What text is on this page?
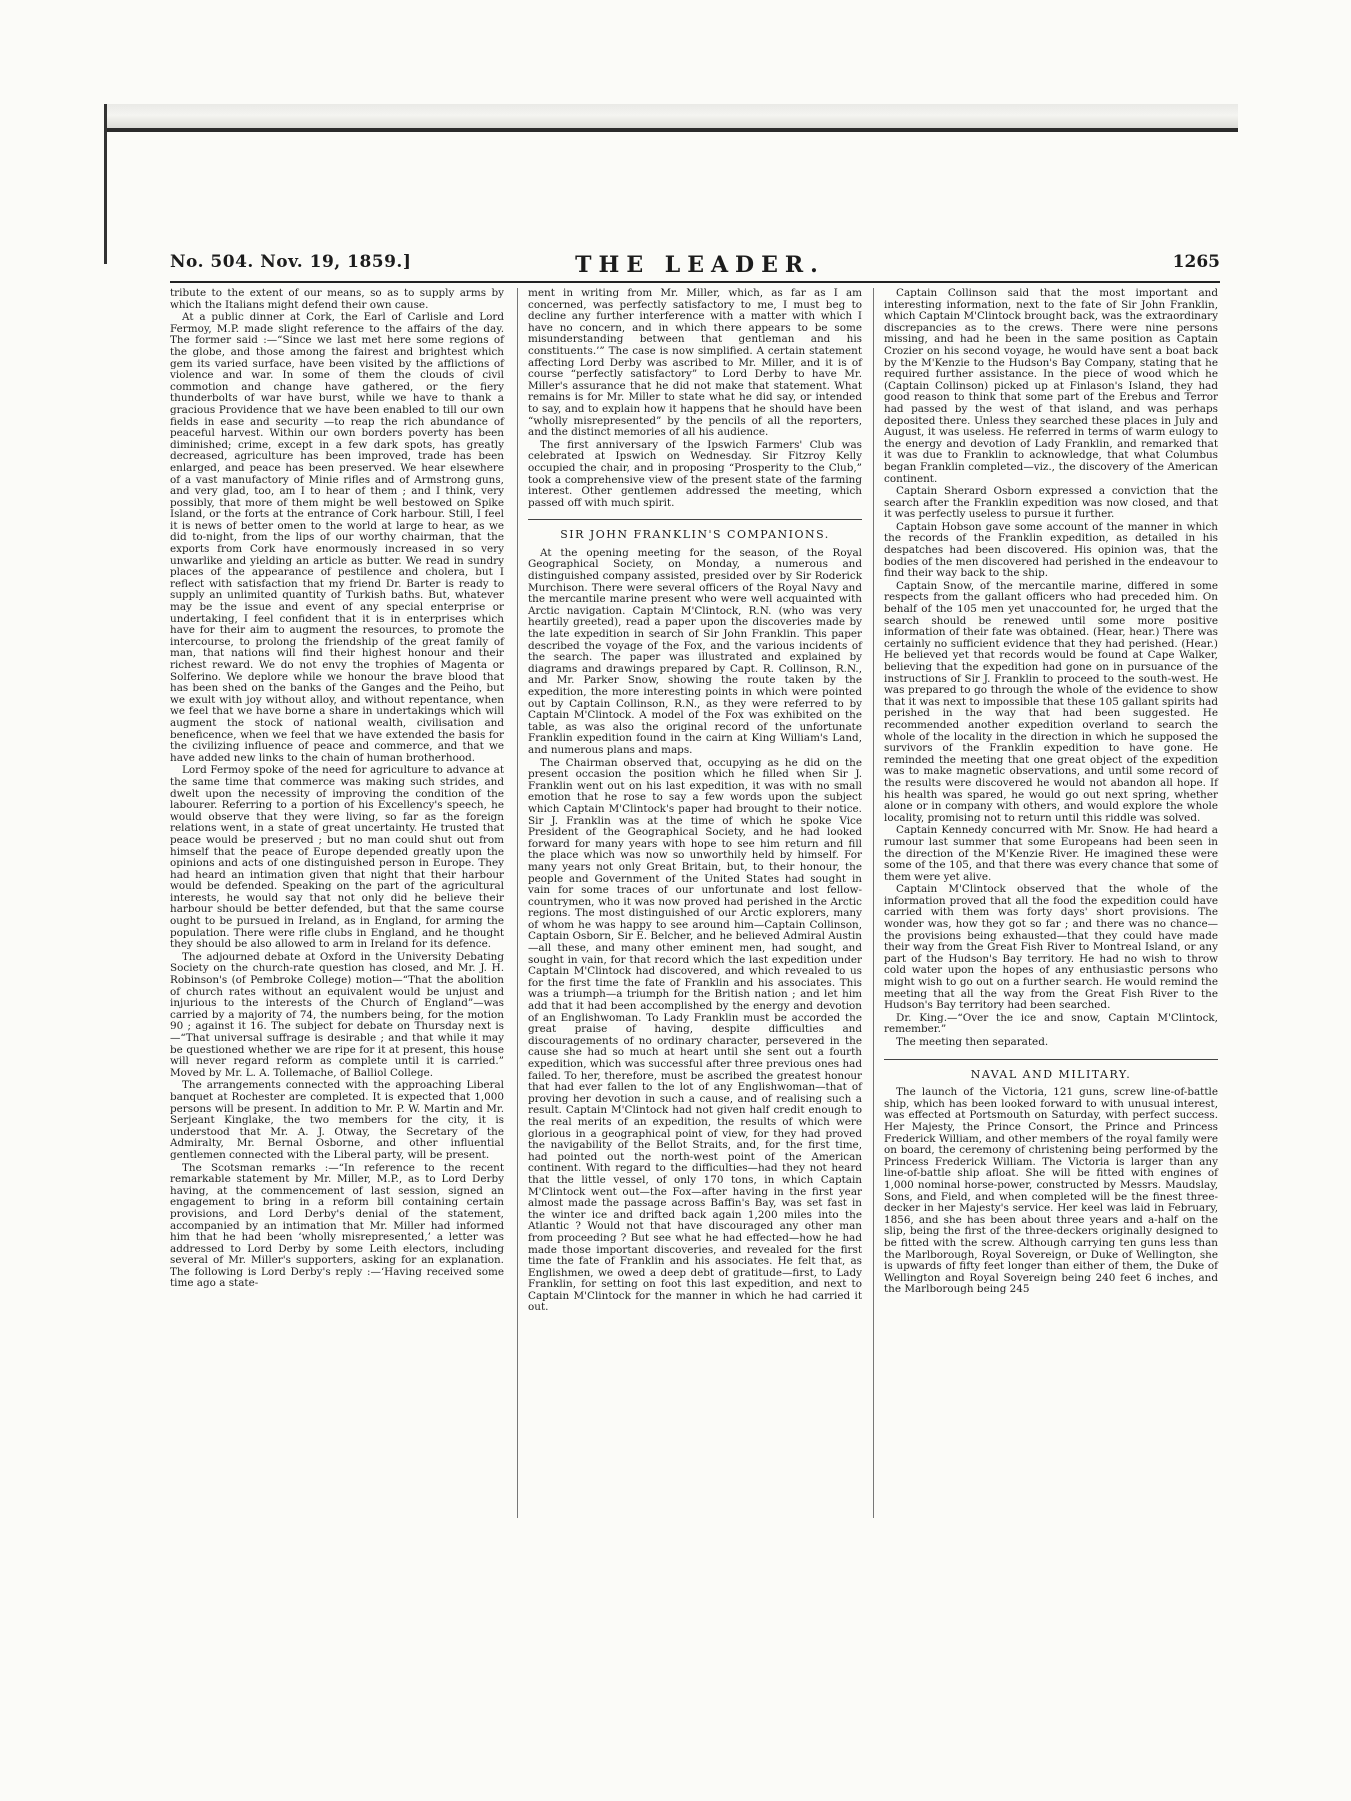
No. 504. Nov. 19, 1859.]	THE LEADER.	1265

tribute to the extent of our means, so as to supply arms by which the Italians might defend their own cause.

At a public dinner at Cork, the Earl of Carlisle and Lord Fermoy, M.P. made slight reference to the affairs of the day. The former said :—“Since we last met here some regions of the globe, and those among the fairest and brightest which gem its varied surface, have been visited by the afflictions of violence and war. In some of them the clouds of civil commotion and change have gathered, or the fiery thunderbolts of war have burst, while we have to thank a gracious Providence that we have been enabled to till our own fields in ease and security —to reap the rich abundance of peaceful harvest. Within our own borders poverty has been diminished; crime, except in a few dark spots, has greatly decreased, agriculture has been improved, trade has been enlarged, and peace has been preserved. We hear elsewhere of a vast manufactory of Minie rifles and of Armstrong guns, and very glad, too, am I to hear of them ; and I think, very possibly, that more of them might be well bestowed on Spike Island, or the forts at the entrance of Cork harbour. Still, I feel it is news of better omen to the world at large to hear, as we did to-night, from the lips of our worthy chairman, that the exports from Cork have enormously increased in so very unwarlike and yielding an article as butter. We read in sundry places of the appearance of pestilence and cholera, but I reflect with satisfaction that my friend Dr. Barter is ready to supply an unlimited quantity of Turkish baths. But, whatever may be the issue and event of any special enterprise or undertaking, I feel confident that it is in enterprises which have for their aim to augment the resources, to promote the intercourse, to prolong the friendship of the great family of man, that nations will find their highest honour and their richest reward. We do not envy the trophies of Magenta or Solferino. We deplore while we honour the brave blood that has been shed on the banks of the Ganges and the Peiho, but we exult with joy without alloy, and without repentance, when we feel that we have borne a share in undertakings which will augment the stock of national wealth, civilisation and beneficence, when we feel that we have extended the basis for the civilizing influence of peace and commerce, and that we have added new links to the chain of human brotherhood.

Lord Fermoy spoke of the need for agriculture to advance at the same time that commerce was making such strides, and dwelt upon the necessity of improving the condition of the labourer. Referring to a portion of his Excellency's speech, he would observe that they were living, so far as the foreign relations went, in a state of great uncertainty. He trusted that peace would be preserved ; but no man could shut out from himself that the peace of Europe depended greatly upon the opinions and acts of one distinguished person in Europe. They had heard an intimation given that night that their harbour would be defended. Speaking on the part of the agricultural interests, he would say that not only did he believe their harbour should be better defended, but that the same course ought to be pursued in Ireland, as in England, for arming the population. There were rifle clubs in England, and he thought they should be also allowed to arm in Ireland for its defence.

The adjourned debate at Oxford in the University Debating Society on the church-rate question has closed, and Mr. J. H. Robinson's (of Pembroke College) motion—“That the abolition of church rates without an equivalent would be unjust and injurious to the interests of the Church of England”—was carried by a majority of 74, the numbers being, for the motion 90 ; against it 16. The subject for debate on Thursday next is—“That universal suffrage is desirable ; and that while it may be questioned whether we are ripe for it at present, this house will never regard reform as complete until it is carried.” Moved by Mr. L. A. Tollemache, of Balliol College.

The arrangements connected with the approaching Liberal banquet at Rochester are completed. It is expected that 1,000 persons will be present. In addition to Mr. P. W. Martin and Mr. Serjeant Kinglake, the two members for the city, it is understood that Mr. A. J. Otway, the Secretary of the Admiralty, Mr. Bernal Osborne, and other influential gentlemen connected with the Liberal party, will be present.

The Scotsman remarks :—“In reference to the recent remarkable statement by Mr. Miller, M.P., as to Lord Derby having, at the commencement of last session, signed an engagement to bring in a reform bill containing certain provisions, and Lord Derby's denial of the statement, accompanied by an intimation that Mr. Miller had informed him that he had been ‘wholly misrepresented,’ a letter was addressed to Lord Derby by some Leith electors, including several of Mr. Miller's supporters, asking for an explanation. The following is Lord Derby's reply :—‘Having received some time ago a state-

ment in writing from Mr. Miller, which, as far as I am concerned, was perfectly satisfactory to me, I must beg to decline any further interference with a matter with which I have no concern, and in which there appears to be some misunderstanding between that gentleman and his constituents.’” The case is now simplified. A certain statement affecting Lord Derby was ascribed to Mr. Miller, and it is of course “perfectly satisfactory” to Lord Derby to have Mr. Miller's assurance that he did not make that statement. What remains is for Mr. Miller to state what he did say, or intended to say, and to explain how it happens that he should have been “wholly misrepresented” by the pencils of all the reporters, and the distinct memories of all his audience.

The first anniversary of the Ipswich Farmers' Club was celebrated at Ipswich on Wednesday. Sir Fitzroy Kelly occupied the chair, and in proposing “Prosperity to the Club,” took a comprehensive view of the present state of the farming interest. Other gentlemen addressed the meeting, which passed off with much spirit.

SIR JOHN FRANKLIN'S COMPANIONS.

At the opening meeting for the season, of the Royal Geographical Society, on Monday, a numerous and distinguished company assisted, presided over by Sir Roderick Murchison. There were several officers of the Royal Navy and the mercantile marine present who were well acquainted with Arctic navigation. Captain M'Clintock, R.N. (who was very heartily greeted), read a paper upon the discoveries made by the late expedition in search of Sir John Franklin. This paper described the voyage of the Fox, and the various incidents of the search. The paper was illustrated and explained by diagrams and drawings prepared by Capt. R. Collinson, R.N., and Mr. Parker Snow, showing the route taken by the expedition, the more interesting points in which were pointed out by Captain Collinson, R.N., as they were referred to by Captain M'Clintock. A model of the Fox was exhibited on the table, as was also the original record of the unfortunate Franklin expedition found in the cairn at King William's Land, and numerous plans and maps.

The Chairman observed that, occupying as he did on the present occasion the position which he filled when Sir J. Franklin went out on his last expedition, it was with no small emotion that he rose to say a few words upon the subject which Captain M'Clintock's paper had brought to their notice. Sir J. Franklin was at the time of which he spoke Vice President of the Geographical Society, and he had looked forward for many years with hope to see him return and fill the place which was now so unworthily held by himself. For many years not only Great Britain, but, to their honour, the people and Government of the United States had sought in vain for some traces of our unfortunate and lost fellow-countrymen, who it was now proved had perished in the Arctic regions. The most distinguished of our Arctic explorers, many of whom he was happy to see around him—Captain Collinson, Captain Osborn, Sir E. Belcher, and he believed Admiral Austin—all these, and many other eminent men, had sought, and sought in vain, for that record which the last expedition under Captain M'Clintock had discovered, and which revealed to us for the first time the fate of Franklin and his associates. This was a triumph—a triumph for the British nation ; and let him add that it had been accomplished by the energy and devotion of an Englishwoman. To Lady Franklin must be accorded the great praise of having, despite difficulties and discouragements of no ordinary character, persevered in the cause she had so much at heart until she sent out a fourth expedition, which was successful after three previous ones had failed. To her, therefore, must be ascribed the greatest honour that had ever fallen to the lot of any Englishwoman—that of proving her devotion in such a cause, and of realising such a result. Captain M'Clintock had not given half credit enough to the real merits of an expedition, the results of which were glorious in a geographical point of view, for they had proved the navigability of the Bellot Straits, and, for the first time, had pointed out the north-west point of the American continent. With regard to the difficulties—had they not heard that the little vessel, of only 170 tons, in which Captain M'Clintock went out—the Fox—after having in the first year almost made the passage across Baffin's Bay, was set fast in the winter ice and drifted back again 1,200 miles into the Atlantic ? Would not that have discouraged any other man from proceeding ? But see what he had effected—how he had made those important discoveries, and revealed for the first time the fate of Franklin and his associates. He felt that, as Englishmen, we owed a deep debt of gratitude—first, to Lady Franklin, for setting on foot this last expedition, and next to Captain M'Clintock for the manner in which he had carried it out.

Captain Collinson said that the most important and interesting information, next to the fate of Sir John Franklin, which Captain M'Clintock brought back, was the extraordinary discrepancies as to the crews. There were nine persons missing, and had he been in the same position as Captain Crozier on his second voyage, he would have sent a boat back by the M'Kenzie to the Hudson's Bay Company, stating that he required further assistance. In the piece of wood which he (Captain Collinson) picked up at Finlason's Island, they had good reason to think that some part of the Erebus and Terror had passed by the west of that island, and was perhaps deposited there. Unless they searched these places in July and August, it was useless. He referred in terms of warm eulogy to the energy and devotion of Lady Franklin, and remarked that it was due to Franklin to acknowledge, that what Columbus began Franklin completed—viz., the discovery of the American continent.

Captain Sherard Osborn expressed a conviction that the search after the Franklin expedition was now closed, and that it was perfectly useless to pursue it further.

Captain Hobson gave some account of the manner in which the records of the Franklin expedition, as detailed in his despatches had been discovered. His opinion was, that the bodies of the men discovered had perished in the endeavour to find their way back to the ship.

Captain Snow, of the mercantile marine, differed in some respects from the gallant officers who had preceded him. On behalf of the 105 men yet unaccounted for, he urged that the search should be renewed until some more positive information of their fate was obtained. (Hear, hear.) There was certainly no sufficient evidence that they had perished. (Hear.) He believed yet that records would be found at Cape Walker, believing that the expedition had gone on in pursuance of the instructions of Sir J. Franklin to proceed to the south-west. He was prepared to go through the whole of the evidence to show that it was next to impossible that these 105 gallant spirits had perished in the way that had been suggested. He recommended another expedition overland to search the whole of the locality in the direction in which he supposed the survivors of the Franklin expedition to have gone. He reminded the meeting that one great object of the expedition was to make magnetic observations, and until some record of the results were discovered he would not abandon all hope. If his health was spared, he would go out next spring, whether alone or in company with others, and would explore the whole locality, promising not to return until this riddle was solved.

Captain Kennedy concurred with Mr. Snow. He had heard a rumour last summer that some Europeans had been seen in the direction of the M'Kenzie River. He imagined these were some of the 105, and that there was every chance that some of them were yet alive.

Captain M'Clintock observed that the whole of the information proved that all the food the expedition could have carried with them was forty days' short provisions. The wonder was, how they got so far ; and there was no chance—the provisions being exhausted—that they could have made their way from the Great Fish River to Montreal Island, or any part of the Hudson's Bay territory. He had no wish to throw cold water upon the hopes of any enthusiastic persons who might wish to go out on a further search. He would remind the meeting that all the way from the Great Fish River to the Hudson's Bay territory had been searched.

Dr. King.—“Over the ice and snow, Captain M'Clintock, remember.”

The meeting then separated.

NAVAL AND MILITARY.

The launch of the Victoria, 121 guns, screw line-of-battle ship, which has been looked forward to with unusual interest, was effected at Portsmouth on Saturday, with perfect success. Her Majesty, the Prince Consort, the Prince and Princess Frederick William, and other members of the royal family were on board, the ceremony of christening being performed by the Princess Frederick William. The Victoria is larger than any line-of-battle ship afloat. She will be fitted with engines of 1,000 nominal horse-power, constructed by Messrs. Maudslay, Sons, and Field, and when completed will be the finest three-decker in her Majesty's service. Her keel was laid in February, 1856, and she has been about three years and a-half on the slip, being the first of the three-deckers originally designed to be fitted with the screw. Although carrying ten guns less than the Marlborough, Royal Sovereign, or Duke of Wellington, she is upwards of fifty feet longer than either of them, the Duke of Wellington and Royal Sovereign being 240 feet 6 inches, and the Marlborough being 245
